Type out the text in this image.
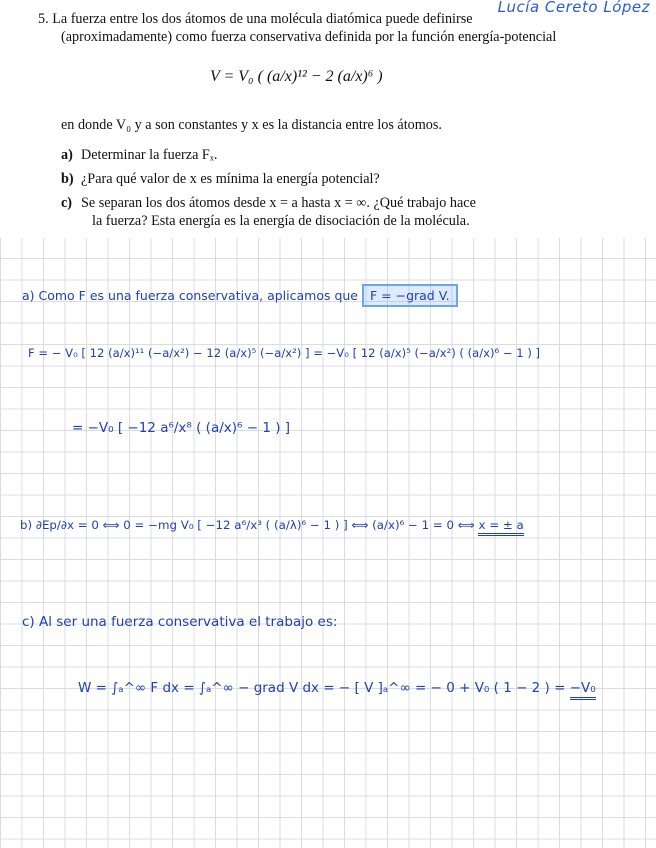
5. La fuerza entre los dos átomos de una molécula diatómica puede definirse
(aproximadamente) como fuerza conservativa definida por la función energía-potencial
V = V₀ ( (a/x)¹² − 2 (a/x)⁶ )
en donde V₀ y a son constantes y x es la distancia entre los átomos.
a) Determinar la fuerza Fₓ.
b) ¿Para qué valor de x es mínima la energía potencial?
c) Se separan los dos átomos desde x = a hasta x = ∞. ¿Qué trabajo hace
la fuerza? Esta energía es la energía de disociación de la molécula.
Lucía Cereto López
a) Como F es una fuerza conservativa, aplicamos que F = −grad V.
F = − V₀ [ 12 (a/x)¹¹ (−a/x²) − 12 (a/x)⁵ (−a/x²) ] = −V₀ [ 12 (a/x)⁵ (−a/x²) ( (a/x)⁶ − 1 ) ]
= −V₀ [ −12 a⁶/x⁸ ( (a/x)⁶ − 1 ) ]
b) ∂Ep/∂x = 0 ⟺ 0 = −mg V₀ [ −12 a⁶/x³ ( (a/λ)⁶ − 1 ) ] ⟺ (a/x)⁶ − 1 = 0 ⟺ x = ± a
c) Al ser una fuerza conservativa el trabajo es:
W = ∫ₐ^∞ F dx = ∫ₐ^∞ − grad V dx = − [ V ]ₐ^∞ = − 0 + V₀ ( 1 − 2 ) = −V₀
